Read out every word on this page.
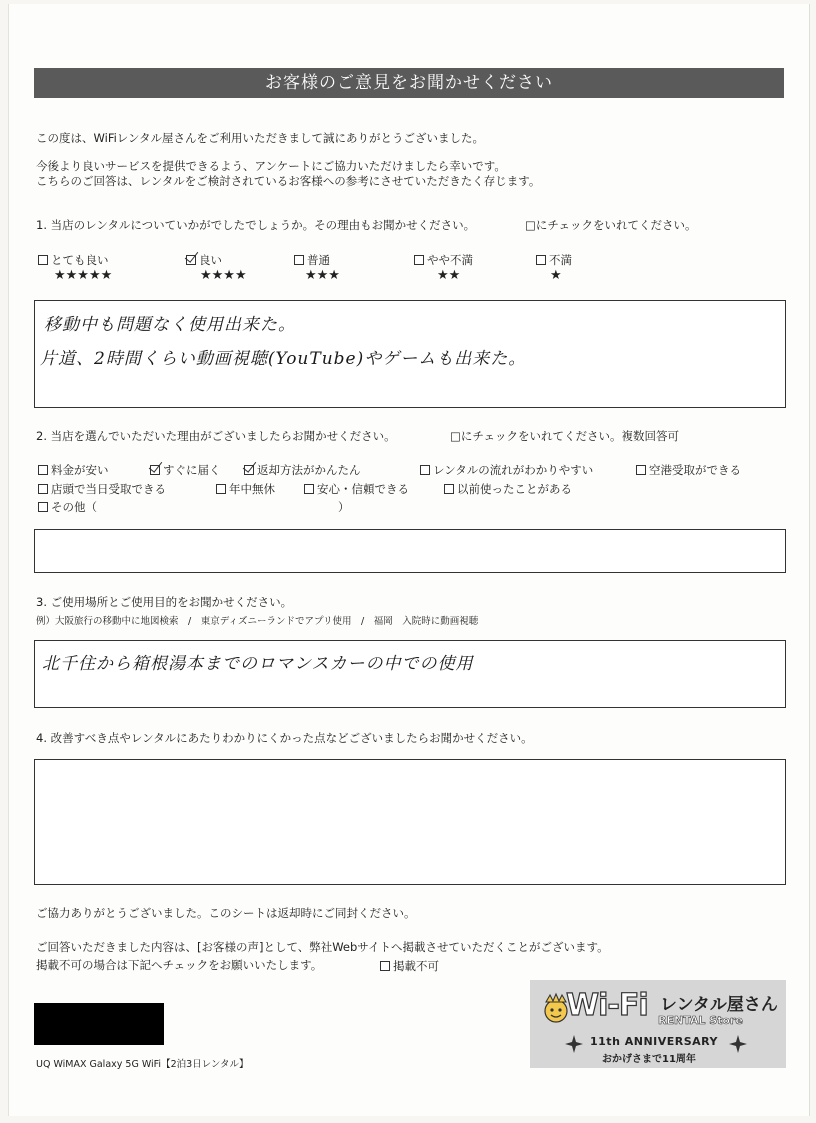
お客様のご意見をお聞かせください
この度は、WiFiレンタル屋さんをご利用いただきまして誠にありがとうございました。
今後より良いサービスを提供できるよう、アンケートにご協力いただけましたら幸いです。
こちらのご回答は、レンタルをご検討されているお客様への参考にさせていただきたく存じます。
1. 当店のレンタルについていかがでしたでしょうか。その理由もお聞かせください。	□にチェックをいれてください。
とても良い
★★★★★
良い
★★★★
普通
★★★
やや不満
★★
不満
★
移動中も問題なく使用出来た。
片道、2時間くらい動画視聴(YouTube)やゲームも出来た。
2. 当店を選んでいただいた理由がございましたらお聞かせください。	□にチェックをいれてください。複数回答可
料金が安い	すぐに届く	返却方法がかんたん	レンタルの流れがわかりやすい	空港受取ができる
店頭で当日受取できる	年中無休	安心・信頼できる	以前使ったことがある
その他（	）
3. ご使用場所とご使用目的をお聞かせください。
例）大阪旅行の移動中に地図検索　/　東京ディズニーランドでアプリ使用　/　福岡　入院時に動画視聴
北千住から箱根湯本までのロマンスカーの中での使用
4. 改善すべき点やレンタルにあたりわかりにくかった点などございましたらお聞かせください。
ご協力ありがとうございました。このシートは返却時にご同封ください。
ご回答いただきました内容は、[お客様の声]として、弊社Webサイトへ掲載させていただくことがございます。
掲載不可の場合は下記へチェックをお願いいたします。	掲載不可
UQ WiMAX Galaxy 5G WiFi【2泊3日レンタル】
Wi-Fi レンタル屋さん
RENTAL Store
11th ANNIVERSARY
おかげさまで11周年
